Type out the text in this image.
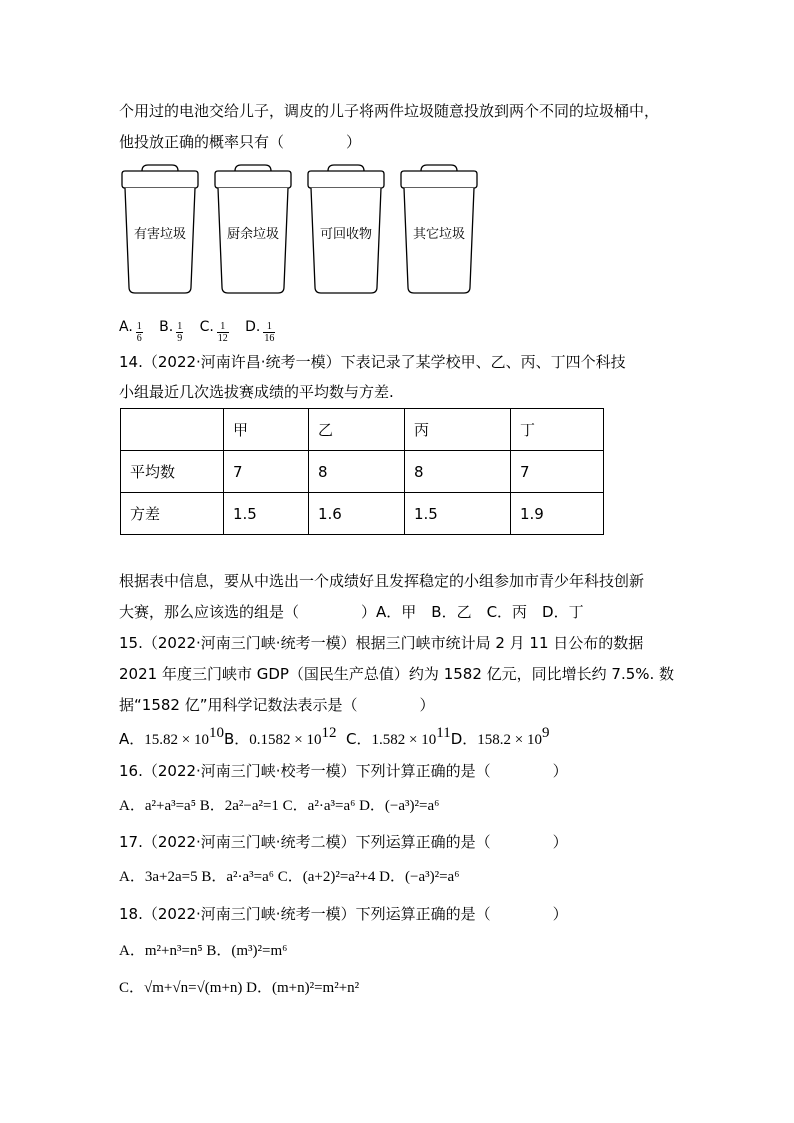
个用过的电池交给儿子，调皮的儿子将两件垃圾随意投放到两个不同的垃圾桶中，
他投放正确的概率只有（	）
有害垃圾	厨余垃圾	可回收物	其它垃圾
A. $\frac{1}{6} B$. $\frac{1}{9} C$. $\frac{1}{12} D$. $\frac{1}{16}$
14.（2022·河南许昌·统考一模）下表记录了某学校甲、乙、丙、丁四个科技
小组最近几次选拔赛成绩的平均数与方差.
	甲	乙	丙	丁
平均数	7	8	8	7
方差	1.5	1.6	1.5	1.9
根据表中信息，要从中选出一个成绩好且发挥稳定的小组参加市青少年科技创新
大赛，那么应该选的组是（	）A．甲　B．乙　C．丙　D．丁
15.（2022·河南三门峡·统考一模）根据三门峡市统计局 2 月 11 日公布的数据
2021 年度三门峡市 GDP（国民生产总值）约为 1582 亿元，同比增长约 7.5%. 数
据“1582 亿”用科学记数法表示是（	）
A．$15.82 \times 10^{10}B$．$0.1582 \times 10^{12}$ C．$1.582 \times 10^{11}D$．$158.2 \times 10^9$
16.（2022·河南三门峡·校考一模）下列计算正确的是（	）
A．a²+a³=a⁵ B．2a²−a²=1 C．a²·a³=a⁶ D．(−a³)²=a⁶
17.（2022·河南三门峡·统考二模）下列运算正确的是（	）
A．3a+2a=5 B．a²·a³=a⁶ C．(a+2)²=a²+4 D．(−a³)²=a⁶
18.（2022·河南三门峡·统考一模）下列运算正确的是（	）
A．m²+n³=n⁵ B．(m³)²=m⁶
C．√m+√n=√(m+n) D．(m+n)²=m²+n²
